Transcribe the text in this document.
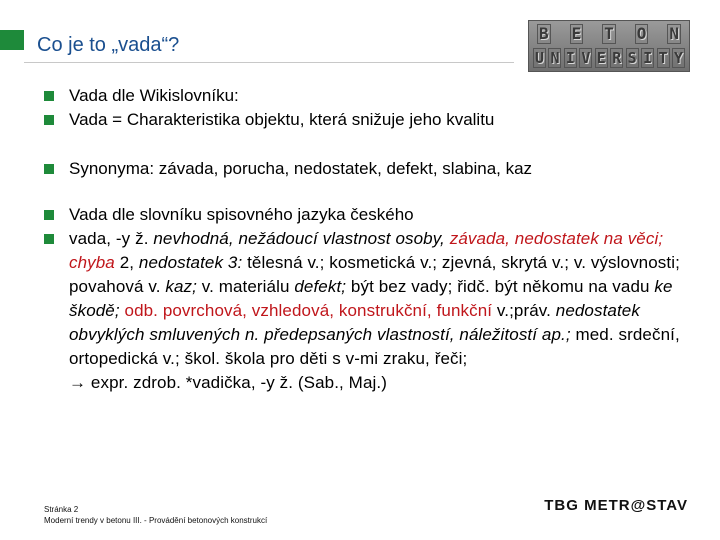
Co je to „vada“?
B E T O N
U N I V E R S I T Y
Vada dle Wikislovníku:
Vada = Charakteristika objektu, která snižuje jeho kvalitu
Synonyma: závada, porucha, nedostatek, defekt, slabina, kaz
Vada dle slovníku spisovného jazyka českého
vada, -y ž. nevhodná, nežádoucí vlastnost osoby, závada, nedostatek na věci; chyba 2, nedostatek 3: tělesná v.; kosmetická v.; zjevná, skrytá v.; v. výslovnosti; povahová v. kaz; v. materiálu defekt; být bez vady; řidč. být někomu na vadu ke škodě; odb. povrchová, vzhledová, konstrukční, funkční v.;práv. nedostatek obvyklých smluvených n. předepsaných vlastností, náležitostí ap.; med. srdeční, ortopedická v.; škol. škola pro děti s v-mi zraku, řeči;
→ expr. zdrob. *vadička, -y ž. (Sab., Maj.)
Stránka 2
Moderní trendy v betonu III. - Provádění betonových konstrukcí
TBG METR@STAV
